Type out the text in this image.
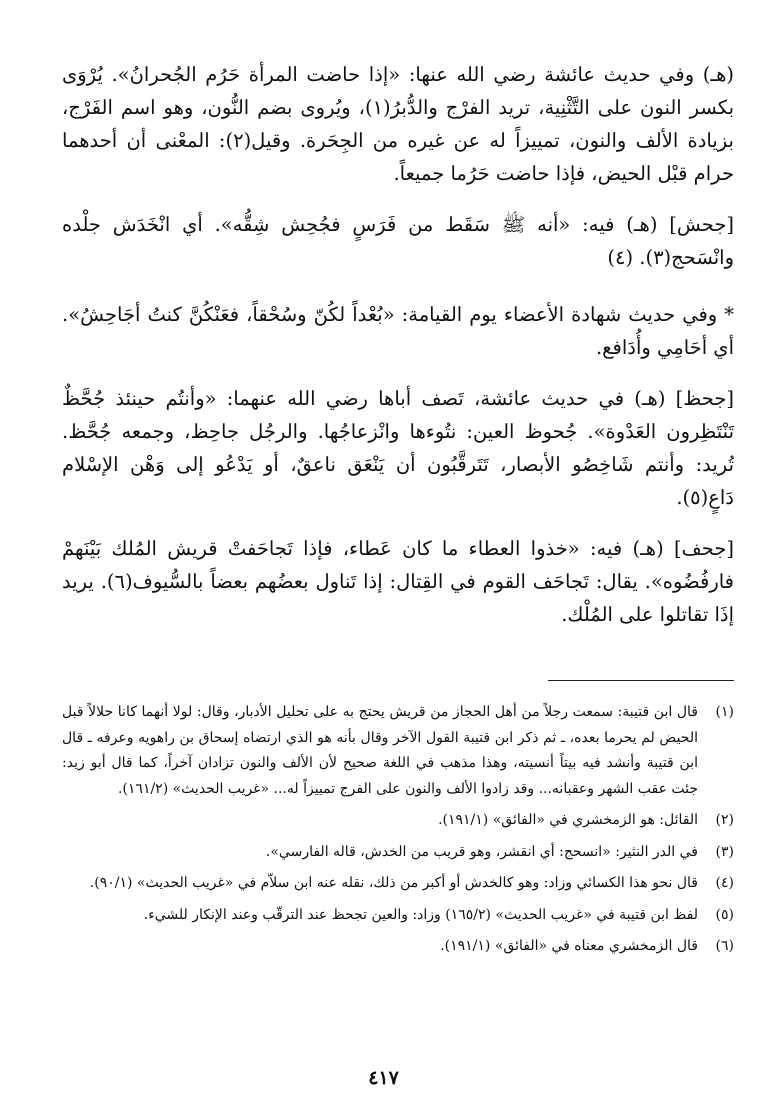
(هـ) وفي حديث عائشة رضي الله عنها: «إذا حاضت المرأة حَرُم الجُحرانُ». يُرْوَى بكسر النون على التَّثْنِية، تريد الفرْج والدُّبرُ(١)، ويُروى بضم النُّون، وهو اسم الفَرْج، بزيادة الألف والنون، تمييزاً له عن غيره من الجِحَرة. وقيل(٢): المعْنى أن أحدهما حرام قبْل الحيض، فإذا حاضت حَرُما جميعاً.

[جحش] (هـ) فيه: «أنه ﷺ سَقَط من فَرَسٍ فجُحِش شِقُّه». أي انْخَدَش جلْده وانْسَحج(٣). (٤)

* وفي حديث شهادة الأعضاء يوم القيامة: «بُعْداً لكُنّ وسُحْقاً، فعَنْكُنَّ كنتُ أجَاحِشُ». أي أحَامِي وأُدَافع.

[جحظ] (هـ) في حديث عائشة، تَصف أباها رضي الله عنهما: «وأنتُم حينئذ جُحَّظٌ تَنْتَظِرون العَدْوة». جُحوظ العين: نتُوءها وانْزعاجُها. والرجُل جاحِظ، وجمعه جُحَّظ. تُريد: وأنتم شَاخِصُو الأبصار، تَتَرقَّبُون أن يَنْعَق ناعقٌ، أو يَدْعُو إلى وَهْن الإسْلام دَاعٍ(٥).

[جحف] (هـ) فيه: «خذوا العطاء ما كان عَطاء، فإذا تَجاحَفتْ قريش المُلك بَيْنَهمْ فارفُضُوه». يقال: تَجاحَف القوم في القِتال: إذا تَناول بعضُهم بعضاً بالسُّيوف(٦). يريد إذَا تقاتلوا على المُلْك.

(١)
قال ابن قتيبة: سمعت رجلاً من أهل الحجاز من قريش يحتج به على تحليل الأدبار، وقال: لولا أنهما كانا حلالاً قبل الحيض لم يحرما بعده، ـ ثم ذكر ابن قتيبة القول الآخر وقال بأنه هو الذي ارتضاه إسحاق بن راهويه وعرفه ـ قال ابن قتيبة وأنشد فيه بيتاً أنسيته، وهذا مذهب في اللغة صحيح لأن الألف والنون تزادان آخراً، كما قال أبو زيد: جئت عقب الشهر وعقبانه... وقد زادوا الألف والنون على الفرج تمييزاً له... «غريب الحديث» (١٦١/٢).
(٢)
القائل: هو الزمخشري في «الفائق» (١٩١/١).
(٣)
في الدر النثير: «انسحج: أي انقشر، وهو قريب من الخدش، قاله الفارسي».
(٤)
قال نحو هذا الكسائي وزاد: وهو كالخدش أو أكبر من ذلك، نقله عنه ابن سلاّم في «غريب الحديث» (٩٠/١).
(٥)
لفظ ابن قتيبة في «غريب الحديث» (١٦٥/٢) وزاد: والعين تجحظ عند الترقّب وعند الإنكار للشيء.
(٦)
قال الزمخشري معناه في «الفائق» (١٩١/١).
٤١٧
